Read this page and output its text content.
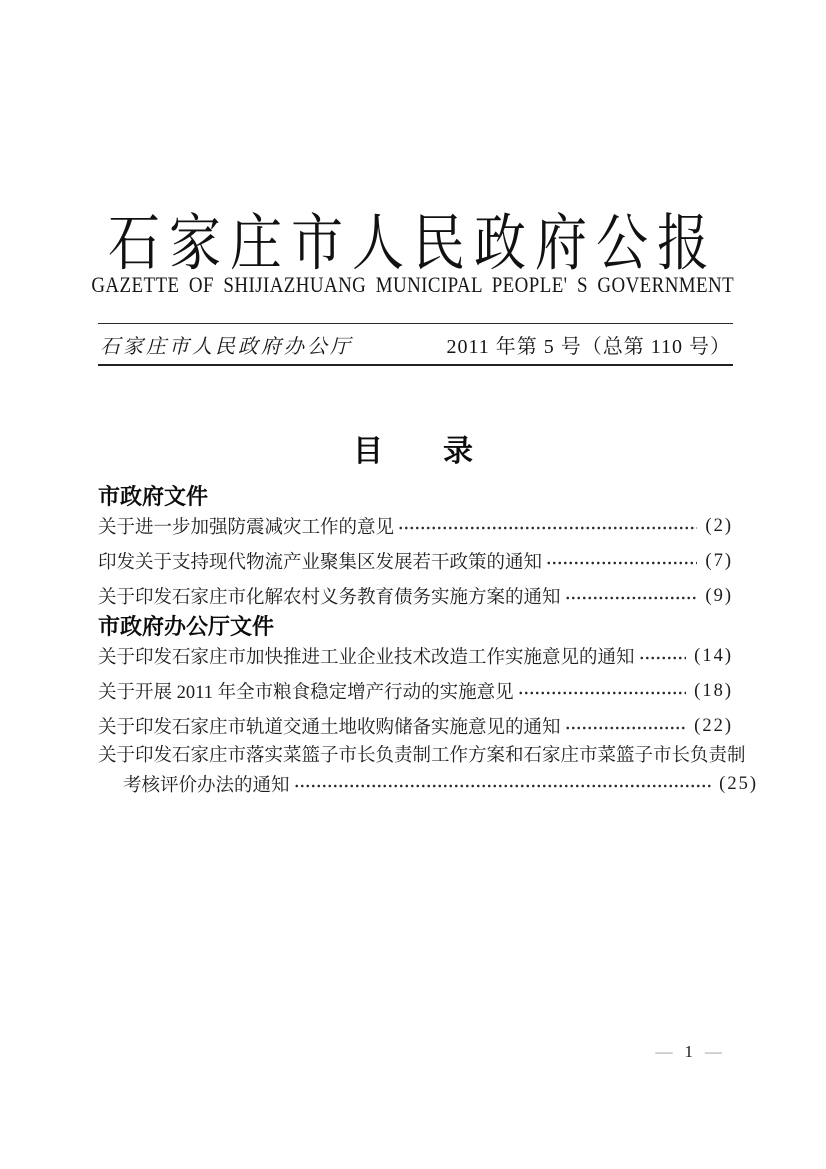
石家庄市人民政府公报
GAZETTE OF SHIJIAZHUANG MUNICIPAL PEOPLE' S GOVERNMENT
石家庄市人民政府办公厅	2011 年第 5 号（总第 110 号）
目　　录
市政府文件
关于进一步加强防震减灾工作的意见	(2)
印发关于支持现代物流产业聚集区发展若干政策的通知	(7)
关于印发石家庄市化解农村义务教育债务实施方案的通知	(9)
市政府办公厅文件
关于印发石家庄市加快推进工业企业技术改造工作实施意见的通知	(14)
关于开展 2011 年全市粮食稳定增产行动的实施意见	(18)
关于印发石家庄市轨道交通土地收购储备实施意见的通知	(22)
关于印发石家庄市落实菜篮子市长负责制工作方案和石家庄市菜篮子市长负责制
考核评价办法的通知	(25)
— 1 —
